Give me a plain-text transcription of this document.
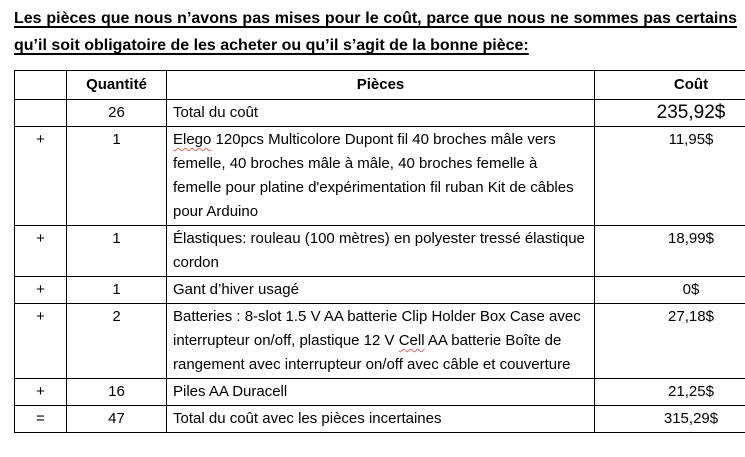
Les pièces que nous n’avons pas mises pour le coût, parce que nous ne sommes pas certains
qu’il soit obligatoire de les acheter ou qu’il s’agit de la bonne pièce:
	Quantité	Pièces	Coût
	26	Total du coût	235,92$
+	1	Elego 120pcs Multicolore Dupont fil 40 broches mâle vers femelle, 40 broches mâle à mâle, 40 broches femelle à femelle pour platine d'expérimentation fil ruban Kit de câbles pour Arduino	11,95$
+	1	Élastiques: rouleau (100 mètres) en polyester tressé élastique cordon	18,99$
+	1	Gant d’hiver usagé	0$
+	2	Batteries : 8-slot 1.5 V AA batterie Clip Holder Box Case avec interrupteur on/off, plastique 12 V Cell AA batterie Boîte de rangement avec interrupteur on/off avec câble et couverture	27,18$
+	16	Piles AA Duracell	21,25$
=	47	Total du coût avec les pièces incertaines	315,29$
